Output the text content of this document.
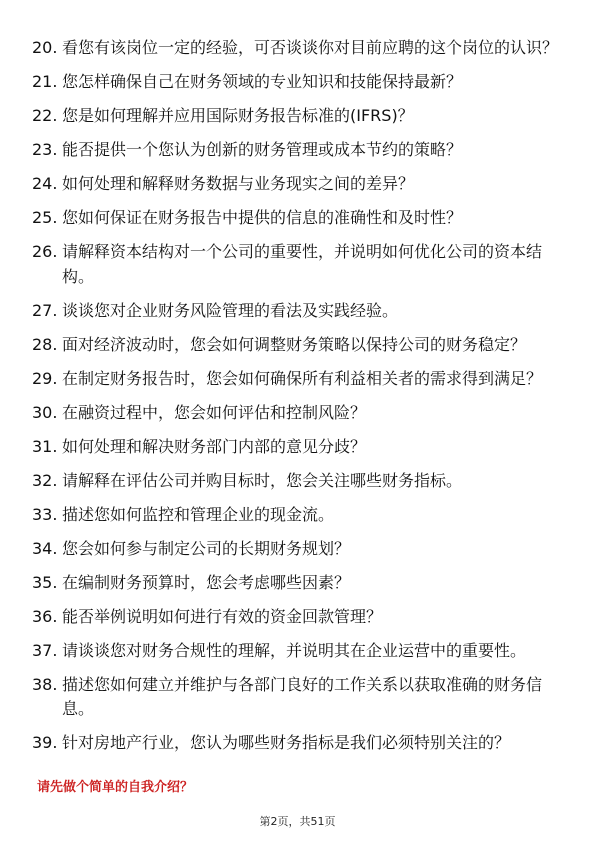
20. 看您有该岗位一定的经验，可否谈谈你对目前应聘的这个岗位的认识？
21. 您怎样确保自己在财务领域的专业知识和技能保持最新？
22. 您是如何理解并应用国际财务报告标准的(IFRS)？
23. 能否提供一个您认为创新的财务管理或成本节约的策略？
24. 如何处理和解释财务数据与业务现实之间的差异？
25. 您如何保证在财务报告中提供的信息的准确性和及时性？
26. 请解释资本结构对一个公司的重要性，并说明如何优化公司的资本结构。
27. 谈谈您对企业财务风险管理的看法及实践经验。
28. 面对经济波动时，您会如何调整财务策略以保持公司的财务稳定？
29. 在制定财务报告时，您会如何确保所有利益相关者的需求得到满足？
30. 在融资过程中，您会如何评估和控制风险？
31. 如何处理和解决财务部门内部的意见分歧？
32. 请解释在评估公司并购目标时，您会关注哪些财务指标。
33. 描述您如何监控和管理企业的现金流。
34. 您会如何参与制定公司的长期财务规划？
35. 在编制财务预算时，您会考虑哪些因素？
36. 能否举例说明如何进行有效的资金回款管理？
37. 请谈谈您对财务合规性的理解，并说明其在企业运营中的重要性。
38. 描述您如何建立并维护与各部门良好的工作关系以获取准确的财务信息。
39. 针对房地产行业，您认为哪些财务指标是我们必须特别关注的？

请先做个简单的自我介绍？

第2页，共51页
